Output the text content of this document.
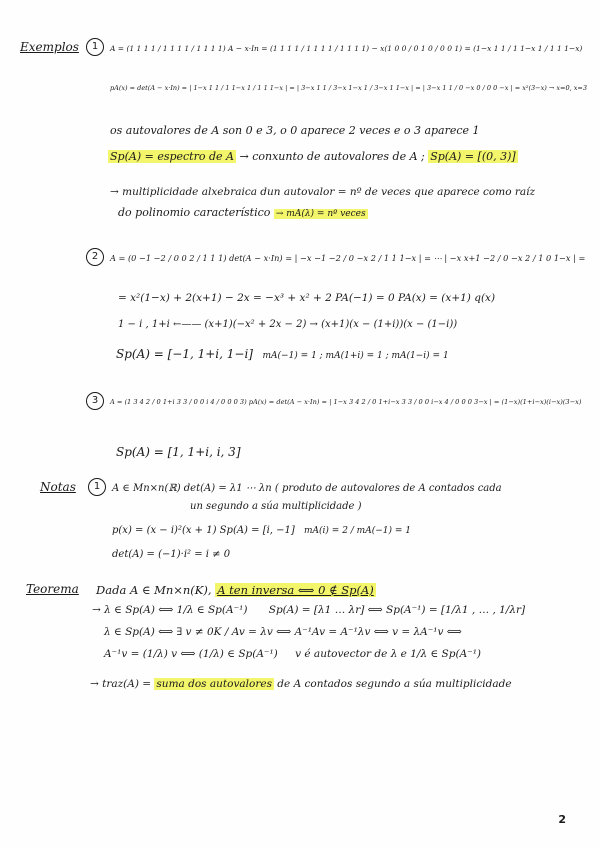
Exemplos	1	A = (1 1 1 1 / 1 1 1 1 / 1 1 1 1) A − x·In = (1 1 1 1 / 1 1 1 1 / 1 1 1 1) − x(1 0 0 / 0 1 0 / 0 0 1) = (1−x 1 1 / 1 1−x 1 / 1 1 1−x)
pA(x) = det(A − x·In) = | 1−x 1 1 / 1 1−x 1 / 1 1 1−x | = | 3−x 1 1 / 3−x 1−x 1 / 3−x 1 1−x | = | 3−x 1 1 / 0 −x 0 / 0 0 −x | = x²(3−x) → x=0, x=3
os autovalores de A son 0 e 3, o 0 aparece 2 veces e o 3 aparece 1
Sp(A) = espectro de A → conxunto de autovalores de A ; Sp(A) = [(0, 3)]
→ multiplicidade alxebraica dun autovalor = nº de veces que aparece como raíz
do polinomio característico → mA(λ) = nº veces
2	A = (0 −1 −2 / 0 0 2 / 1 1 1) det(A − x·In) = | −x −1 −2 / 0 −x 2 / 1 1 1−x | = ⋯ | −x x+1 −2 / 0 −x 2 / 1 0 1−x | =
= x²(1−x) + 2(x+1) − 2x = −x³ + x² + 2 PA(−1) = 0 PA(x) = (x+1) q(x)
1 − i , 1+i ←—— (x+1)(−x² + 2x − 2) → (x+1)(x − (1+i))(x − (1−i))
Sp(A) = [−1, 1+i, 1−i] mA(−1) = 1 ; mA(1+i) = 1 ; mA(1−i) = 1
3	A = (1 3 4 2 / 0 1+i 3 3 / 0 0 i 4 / 0 0 0 3) pA(x) = det(A − x·In) = | 1−x 3 4 2 / 0 1+i−x 3 3 / 0 0 i−x 4 / 0 0 0 3−x | = (1−x)(1+i−x)(i−x)(3−x)
Sp(A) = [1, 1+i, i, 3]
Notas	1	A ∈ Mn×n(ℝ) det(A) = λ1 ⋯ λn ( produto de autovalores de A contados cada
un segundo a súa multiplicidade )
p(x) = (x − i)²(x + 1) Sp(A) = [i, −1] mA(i) = 2 / mA(−1) = 1
det(A) = (−1)·i² = i ≠ 0
Teorema Dada A ∈ Mn×n(K), A ten inversa ⟺ 0 ∉ Sp(A)
→ λ ∈ Sp(A) ⟺ 1/λ ∈ Sp(A⁻¹) Sp(A) = [λ1 … λr] ⟺ Sp(A⁻¹) = [1/λ1 , … , 1/λr]
λ ∈ Sp(A) ⟺ ∃ v ≠ 0K / Av = λv ⟺ A⁻¹Av = A⁻¹λv ⟺ v = λA⁻¹v ⟺
A⁻¹v = (1/λ) v ⟺ (1/λ) ∈ Sp(A⁻¹) v é autovector de λ e 1/λ ∈ Sp(A⁻¹)
→ traz(A) = suma dos autovalores de A contados segundo a súa multiplicidade
2
